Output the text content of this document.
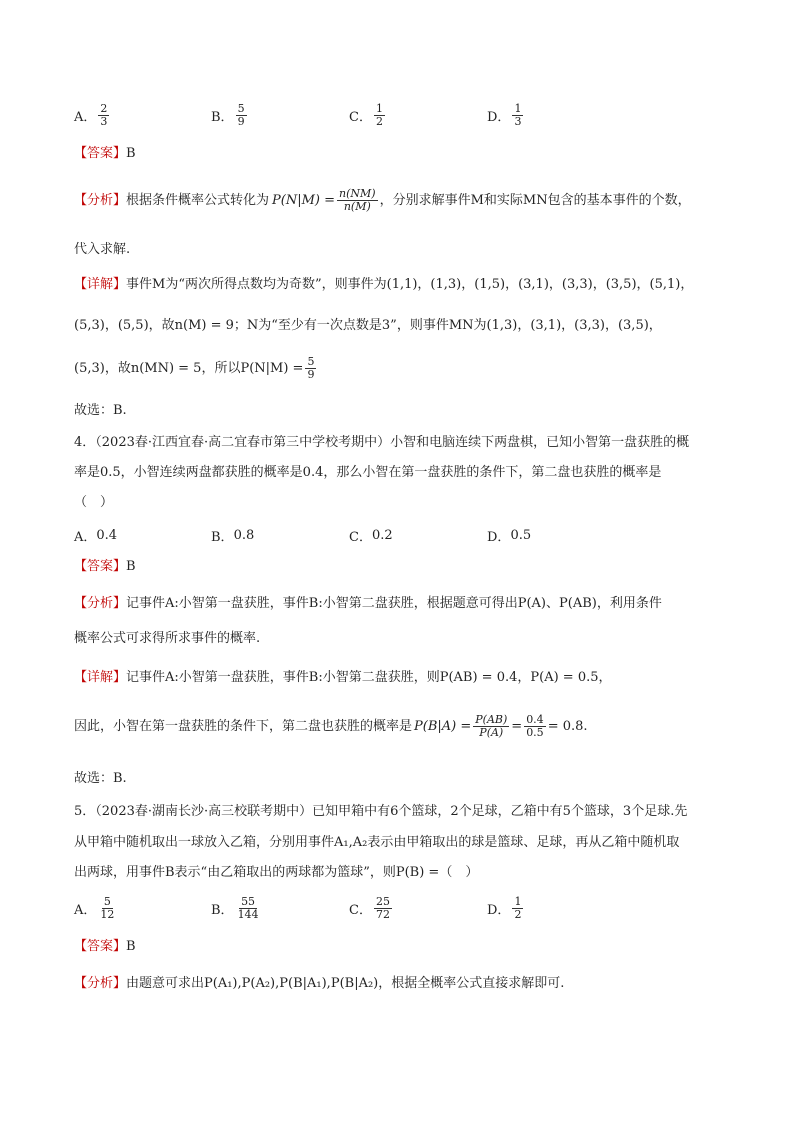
A． $\frac{2}{3}$	B． $\frac{5}{9}$	C． $\frac{1}{2}$	D． $\frac{1}{3}$
【答案】B
【分析】 根据条件概率公式转化为 $P(N|M) = \frac{n(NM)}{n(M)}$ ，分别求解事件M和实际MN包含的基本事件的个数，
代入求解.
【详解】事件M为“两次所得点数均为奇数”，则事件为(1,1)，(1,3)，(1,5)，(3,1)，(3,3)，(3,5)，(5,1)，
(5,3)，(5,5)，故n(M) = 9；N为“至少有一次点数是3”，则事件MN为(1,3)，(3,1)，(3,3)，(3,5)，
(5,3)，故n(MN) = 5，所以$P(N|M) = \frac{5}{9}$
故选：B.
4．（2023春·江西宜春·高二宜春市第三中学校考期中）小智和电脑连续下两盘棋，已知小智第一盘获胜的概
率是0.5，小智连续两盘都获胜的概率是0.4，那么小智在第一盘获胜的条件下，第二盘也获胜的概率是
（　）
A． 0.4	B． 0.8	C． 0.2	D． 0.5
【答案】B
【分析】记事件A:小智第一盘获胜，事件B:小智第二盘获胜，根据题意可得出P(A)、P(AB)，利用条件
概率公式可求得所求事件的概率.
【详解】记事件A:小智第一盘获胜，事件B:小智第二盘获胜，则P(AB) = 0.4，P(A) = 0.5，
因此，小智在第一盘获胜的条件下，第二盘也获胜的概率是 $P(B|A) = \frac{P(AB)}{P(A)} = \frac{0.4}{0.5} = 0.8$.
故选：B.
5．（2023春·湖南长沙·高三校联考期中）已知甲箱中有6个篮球，2个足球，乙箱中有5个篮球，3个足球.先
从甲箱中随机取出一球放入乙箱，分别用事件A₁,A₂表示由甲箱取出的球是篮球、足球，再从乙箱中随机取
出两球，用事件B表示“由乙箱取出的两球都为篮球”，则P(B) =（　）
A． $\frac{5}{12}$	B． $\frac{55}{144}$	C． $\frac{25}{72}$	D． $\frac{1}{2}$
【答案】B
【分析】由题意可求出P(A₁),P(A₂),P(B|A₁),P(B|A₂)，根据全概率公式直接求解即可.
